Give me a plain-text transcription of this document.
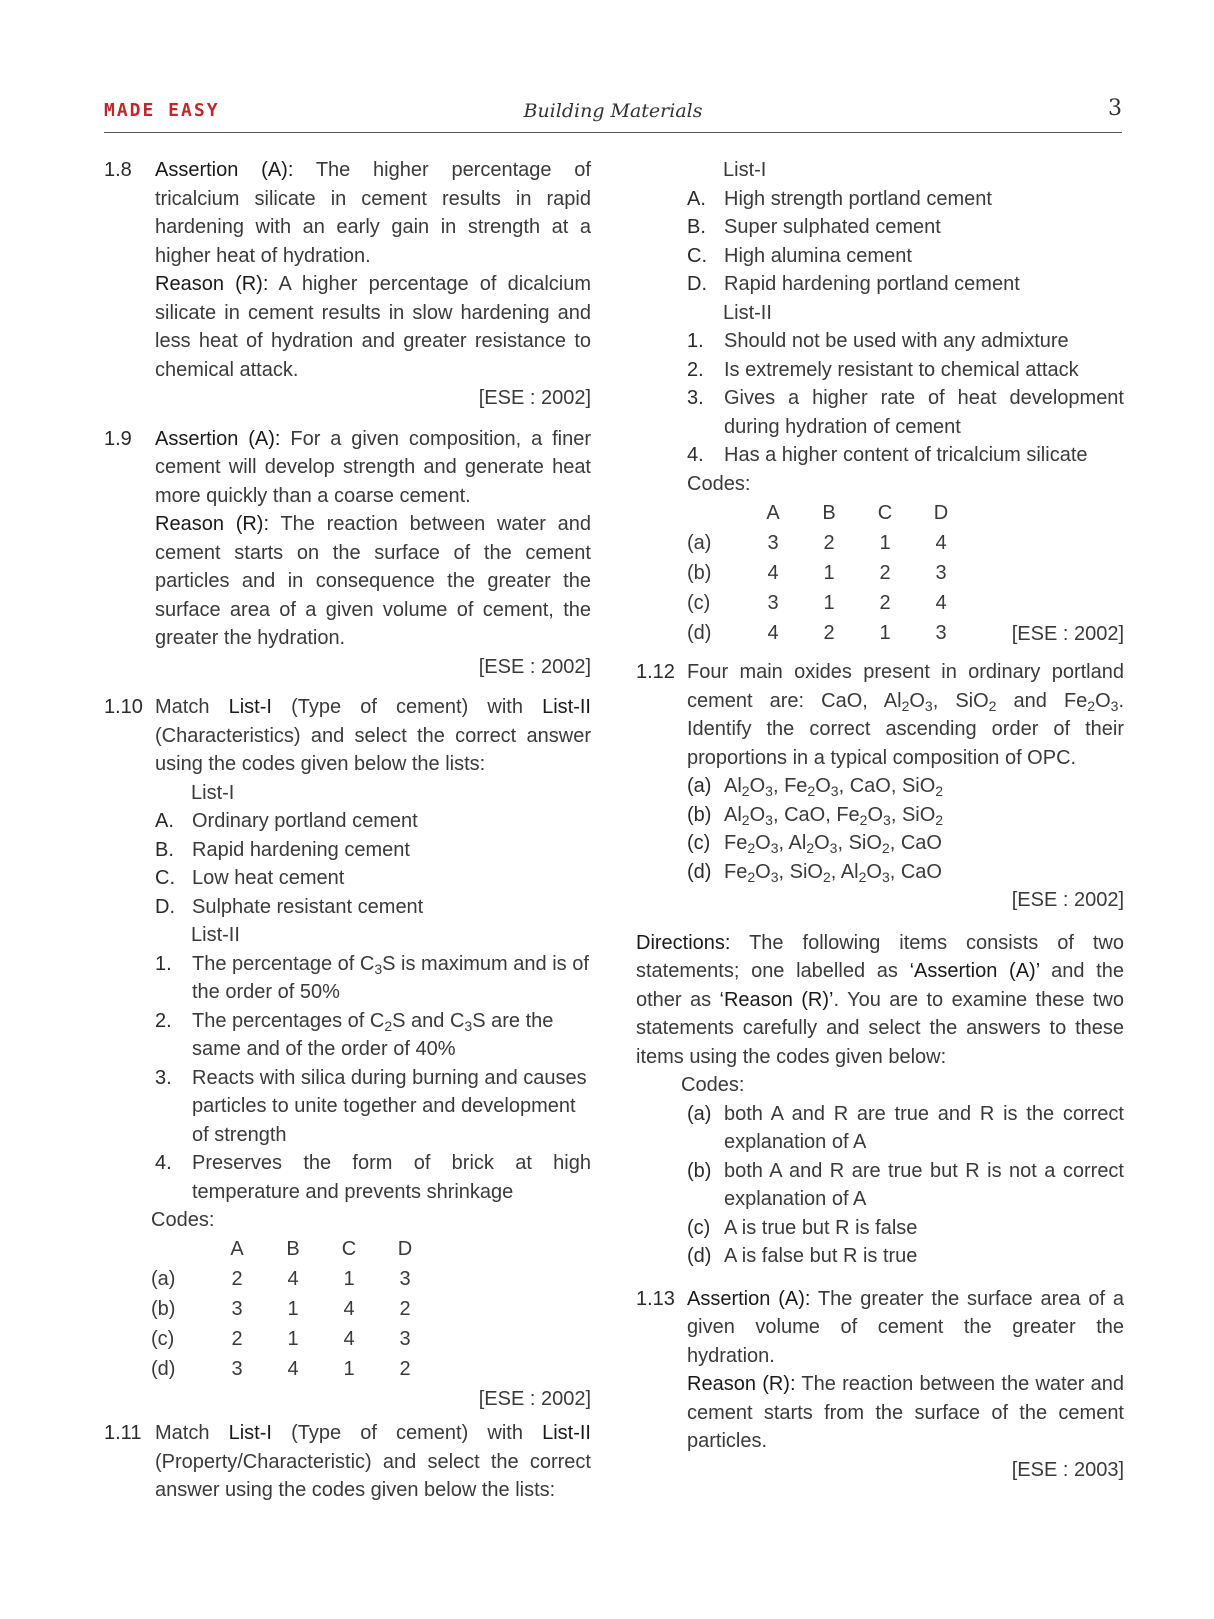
MADE EASY	Building Materials	3
1.8 Assertion (A): The higher percentage of tricalcium silicate in cement results in rapid hardening with an early gain in strength at a higher heat of hydration.
Reason (R): A higher percentage of dicalcium silicate in cement results in slow hardening and less heat of hydration and greater resistance to chemical attack.
[ESE : 2002]
1.9 Assertion (A): For a given composition, a finer cement will develop strength and generate heat more quickly than a coarse cement.
Reason (R): The reaction between water and cement starts on the surface of the cement particles and in consequence the greater the surface area of a given volume of cement, the greater the hydration.
[ESE : 2002]
1.10 Match List-I (Type of cement) with List-II (Characteristics) and select the correct answer using the codes given below the lists:
List-I
A. Ordinary portland cement
B. Rapid hardening cement
C. Low heat cement
D. Sulphate resistant cement
List-II
1. The percentage of $C_3S$ is maximum and is of the order of 50%
2. The percentages of $C_2S$ and $C_3S$ are the same and of the order of 40%
3. Reacts with silica during burning and causes particles to unite together and development of strength
4. Preserves the form of brick at high temperature and prevents shrinkage
Codes:
	A	B	C	D
(a)	2	4	1	3
(b)	3	1	4	2
(c)	2	1	4	3
(d)	3	4	1	2
[ESE : 2002]
1.11 Match List-I (Type of cement) with List-II (Property/Characteristic) and select the correct answer using the codes given below the lists:
List-I
A. High strength portland cement
B. Super sulphated cement
C. High alumina cement
D. Rapid hardening portland cement
List-II
1. Should not be used with any admixture
2. Is extremely resistant to chemical attack
3. Gives a higher rate of heat development during hydration of cement
4. Has a higher content of tricalcium silicate
Codes:
	A	B	C	D
(a)	3	2	1	4
(b)	4	1	2	3
(c)	3	1	2	4
(d)	4	2	1	3	[ESE : 2002]
1.12 Four main oxides present in ordinary portland cement are: CaO, $Al_2O_3$, SiO$_2$ and $Fe_2O_3$. Identify the correct ascending order of their proportions in a typical composition of OPC.
(a) $Al_2O_3$, $Fe_2O_3$, CaO, SiO$_2$
(b) $Al_2O_3$, CaO, $Fe_2O_3$, SiO$_2$
(c) $Fe_2O_3$, $Al_2O_3$, SiO$_2$, CaO
(d) $Fe_2O_3$, SiO$_2$, $Al_2O_3$, CaO
[ESE : 2002]
Directions: The following items consists of two statements; one labelled as ‘Assertion (A)’ and the other as ‘Reason (R)’. You are to examine these two statements carefully and select the answers to these items using the codes given below:
Codes:
(a) both A and R are true and R is the correct explanation of A
(b) both A and R are true but R is not a correct explanation of A
(c) A is true but R is false
(d) A is false but R is true
1.13 Assertion (A): The greater the surface area of a given volume of cement the greater the hydration.
Reason (R): The reaction between the water and cement starts from the surface of the cement particles.
[ESE : 2003]
